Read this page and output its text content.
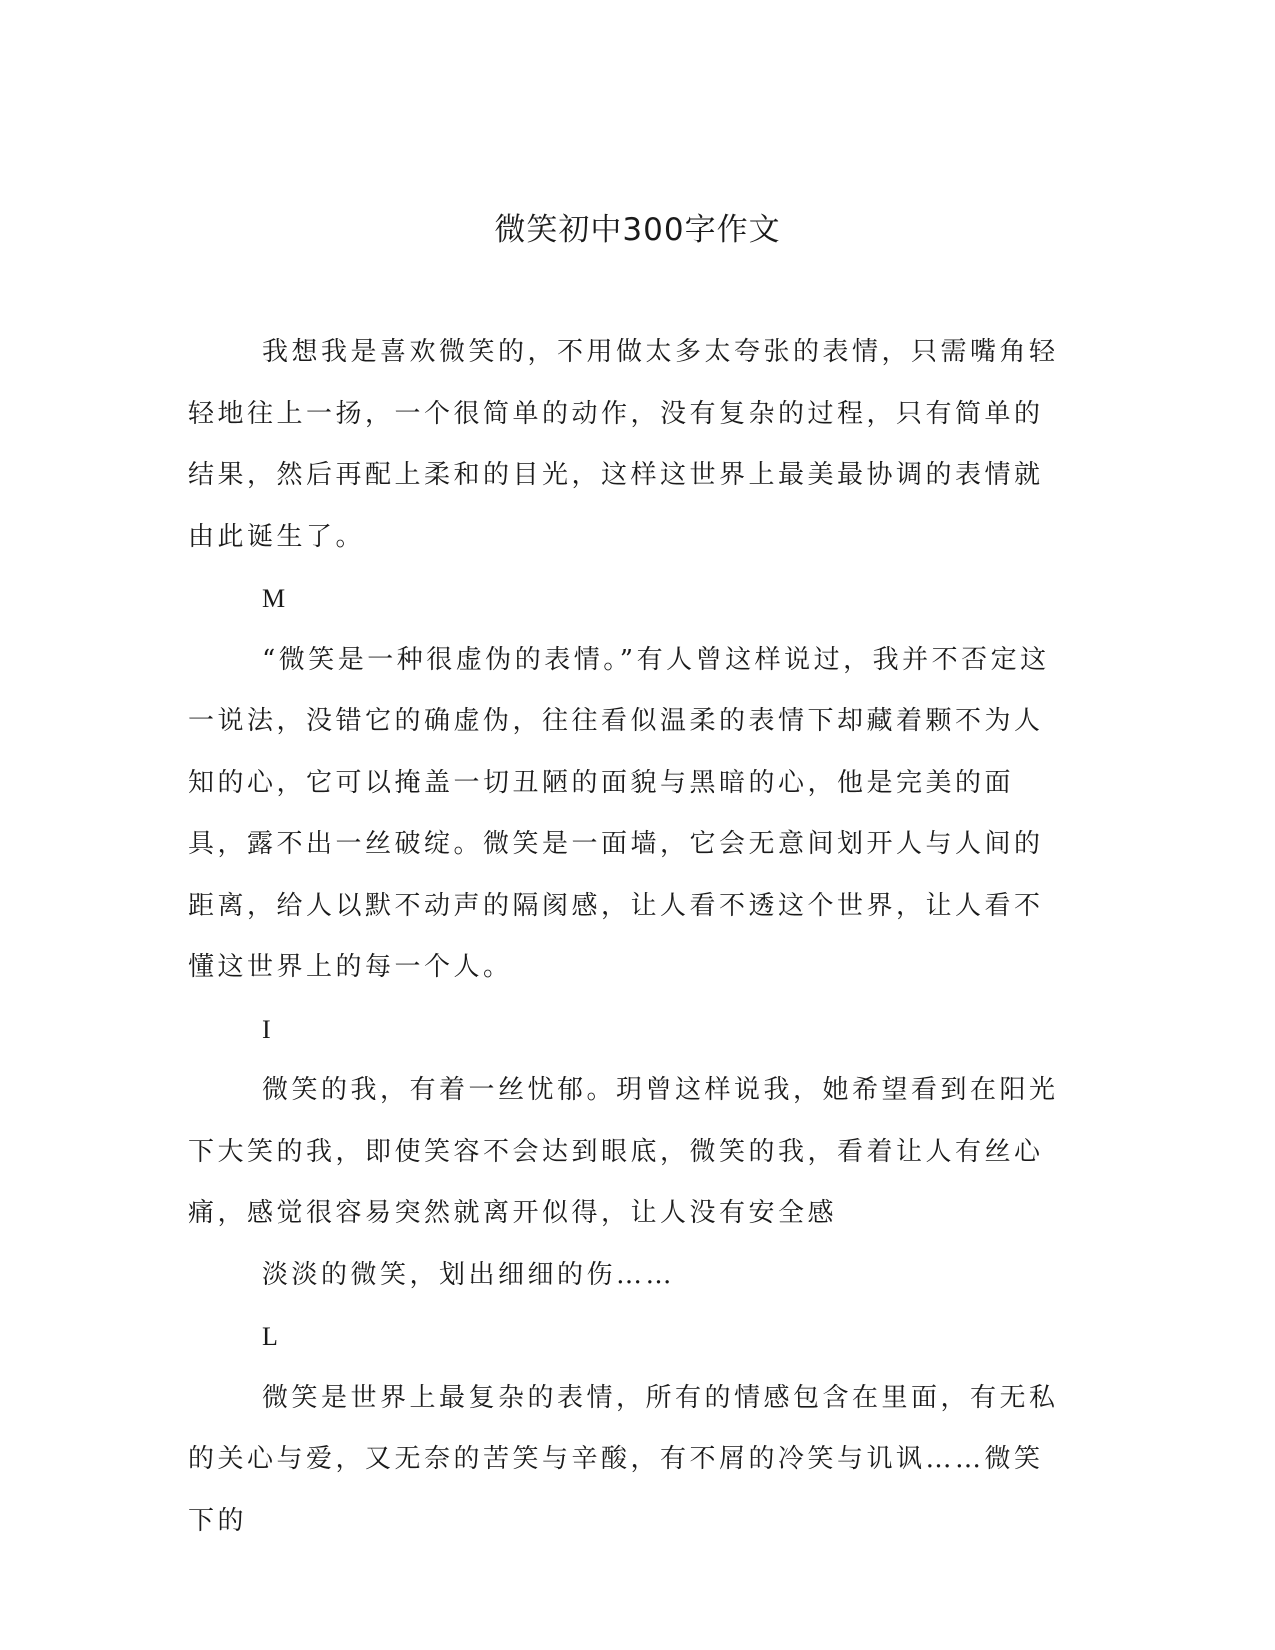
微笑初中300字作文

我想我是喜欢微笑的，不用做太多太夸张的表情，只需嘴角轻轻地往上一扬，一个很简单的动作，没有复杂的过程，只有简单的结果，然后再配上柔和的目光，这样这世界上最美最协调的表情就由此诞生了。

M

“微笑是一种很虚伪的表情。”有人曾这样说过，我并不否定这一说法，没错它的确虚伪，往往看似温柔的表情下却藏着颗不为人知的心，它可以掩盖一切丑陋的面貌与黑暗的心，他是完美的面具，露不出一丝破绽。微笑是一面墙，它会无意间划开人与人间的距离，给人以默不动声的隔阂感，让人看不透这个世界，让人看不懂这世界上的每一个人。

I

微笑的我，有着一丝忧郁。玥曾这样说我，她希望看到在阳光下大笑的我，即使笑容不会达到眼底，微笑的我，看着让人有丝心痛，感觉很容易突然就离开似得，让人没有安全感

淡淡的微笑，划出细细的伤……

L

微笑是世界上最复杂的表情，所有的情感包含在里面，有无私的关心与爱，又无奈的苦笑与辛酸，有不屑的冷笑与讥讽……微笑下的
